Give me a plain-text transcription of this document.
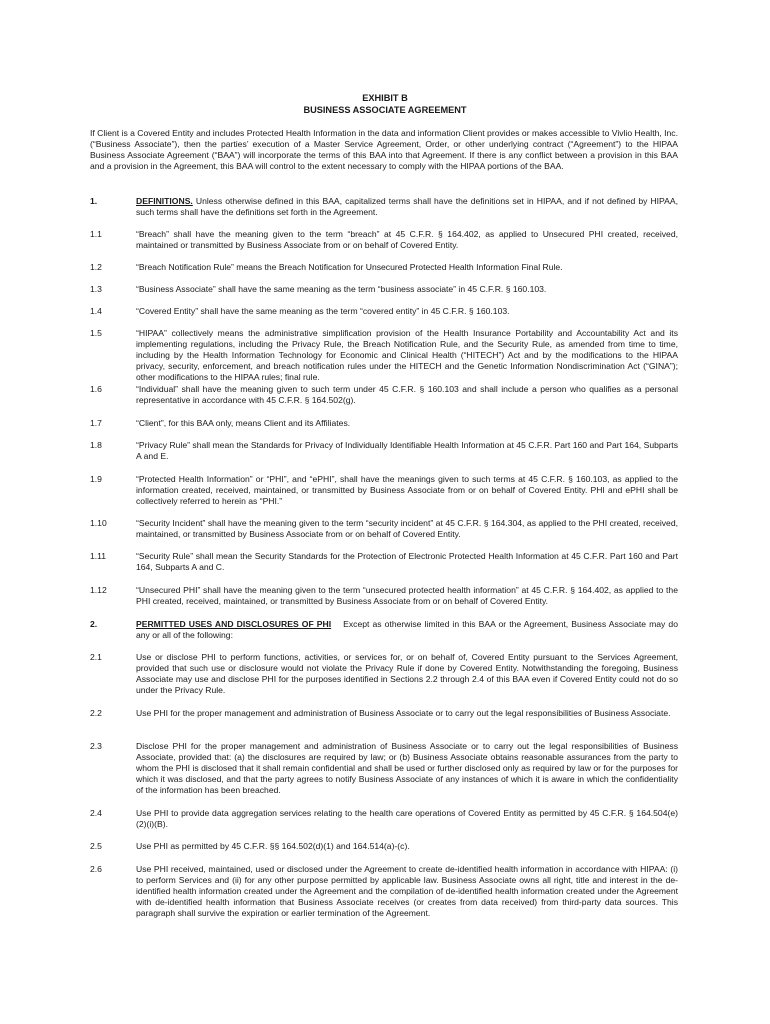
EXHIBIT B
BUSINESS ASSOCIATE AGREEMENT
If Client is a Covered Entity and includes Protected Health Information in the data and information Client provides or makes accessible to Vivlio Health, Inc. (“Business Associate”), then the parties’ execution of a Master Service Agreement, Order, or other underlying contract (“Agreement”) to the HIPAA Business Associate Agreement (“BAA”) will incorporate the terms of this BAA into that Agreement. If there is any conflict between a provision in this BAA and a provision in the Agreement, this BAA will control to the extent necessary to comply with the HIPAA portions of the BAA.
1.	DEFINITIONS. Unless otherwise defined in this BAA, capitalized terms shall have the definitions set in HIPAA, and if not defined by HIPAA, such terms shall have the definitions set forth in the Agreement.
1.1	“Breach” shall have the meaning given to the term “breach” at 45 C.F.R. § 164.402, as applied to Unsecured PHI created, received, maintained or transmitted by Business Associate from or on behalf of Covered Entity.
1.2	“Breach Notification Rule” means the Breach Notification for Unsecured Protected Health Information Final Rule.
1.3	“Business Associate” shall have the same meaning as the term “business associate” in 45 C.F.R. § 160.103.
1.4	“Covered Entity” shall have the same meaning as the term “covered entity” in 45 C.F.R. § 160.103.
1.5	“HIPAA” collectively means the administrative simplification provision of the Health Insurance Portability and Accountability Act and its implementing regulations, including the Privacy Rule, the Breach Notification Rule, and the Security Rule, as amended from time to time, including by the Health Information Technology for Economic and Clinical Health (“HITECH”) Act and by the modifications to the HIPAA privacy, security, enforcement, and breach notification rules under the HITECH and the Genetic Information Nondiscrimination Act (“GINA”); other modifications to the HIPAA rules; final rule.
1.6	“Individual” shall have the meaning given to such term under 45 C.F.R. § 160.103 and shall include a person who qualifies as a personal representative in accordance with 45 C.F.R. § 164.502(g).
1.7	“Client”, for this BAA only, means Client and its Affiliates.
1.8	“Privacy Rule” shall mean the Standards for Privacy of Individually Identifiable Health Information at 45 C.F.R. Part 160 and Part 164, Subparts A and E.
1.9	“Protected Health Information” or “PHI”, and “ePHI”, shall have the meanings given to such terms at 45 C.F.R. § 160.103, as applied to the information created, received, maintained, or transmitted by Business Associate from or on behalf of Covered Entity. PHI and ePHI shall be collectively referred to herein as “PHI.”
1.10	“Security Incident” shall have the meaning given to the term “security incident” at 45 C.F.R. § 164.304, as applied to the PHI created, received, maintained, or transmitted by Business Associate from or on behalf of Covered Entity.
1.11	“Security Rule” shall mean the Security Standards for the Protection of Electronic Protected Health Information at 45 C.F.R. Part 160 and Part 164, Subparts A and C.
1.12	“Unsecured PHI” shall have the meaning given to the term “unsecured protected health information” at 45 C.F.R. § 164.402, as applied to the PHI created, received, maintained, or transmitted by Business Associate from or on behalf of Covered Entity.
2.	PERMITTED USES AND DISCLOSURES OF PHI Except as otherwise limited in this BAA or the Agreement, Business Associate may do any or all of the following:
2.1	Use or disclose PHI to perform functions, activities, or services for, or on behalf of, Covered Entity pursuant to the Services Agreement, provided that such use or disclosure would not violate the Privacy Rule if done by Covered Entity. Notwithstanding the foregoing, Business Associate may use and disclose PHI for the purposes identified in Sections 2.2 through 2.4 of this BAA even if Covered Entity could not do so under the Privacy Rule.
2.2	Use PHI for the proper management and administration of Business Associate or to carry out the legal responsibilities of Business Associate.
2.3	Disclose PHI for the proper management and administration of Business Associate or to carry out the legal responsibilities of Business Associate, provided that: (a) the disclosures are required by law; or (b) Business Associate obtains reasonable assurances from the party to whom the PHI is disclosed that it shall remain confidential and shall be used or further disclosed only as required by law or for the purposes for which it was disclosed, and that the party agrees to notify Business Associate of any instances of which it is aware in which the confidentiality of the information has been breached.
2.4	Use PHI to provide data aggregation services relating to the health care operations of Covered Entity as permitted by 45 C.F.R. § 164.504(e)(2)(i)(B).
2.5	Use PHI as permitted by 45 C.F.R. §§ 164.502(d)(1) and 164.514(a)-(c).
2.6	Use PHI received, maintained, used or disclosed under the Agreement to create de-identified health information in accordance with HIPAA: (i) to perform Services and (ii) for any other purpose permitted by applicable law. Business Associate owns all right, title and interest in the de-identified health information created under the Agreement and the compilation of de-identified health information created under the Agreement with de-identified health information that Business Associate receives (or creates from data received) from third-party data sources. This paragraph shall survive the expiration or earlier termination of the Agreement.
